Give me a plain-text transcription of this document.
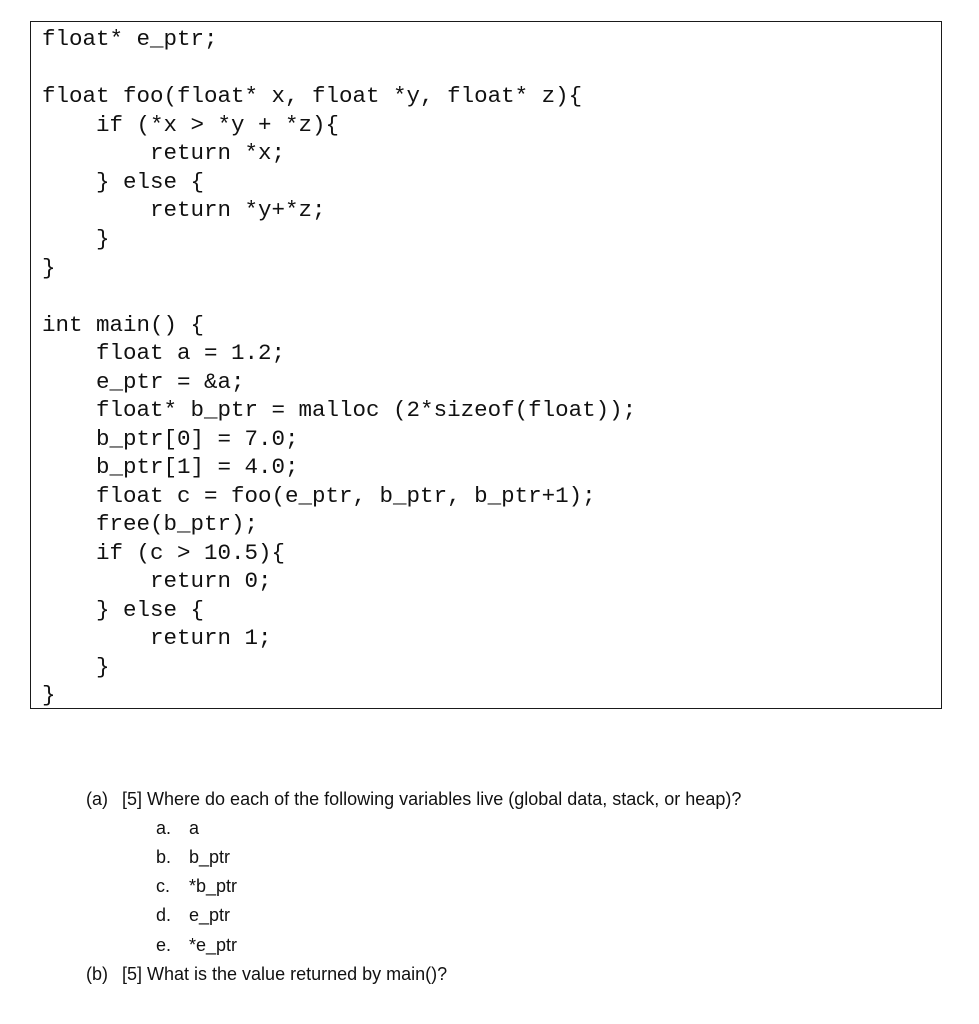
float* e_ptr;
float foo(float* x, float *y, float* z){
if (*x > *y + *z){
return *x;
} else {
return *y+*z;
}
}
int main() {
float a = 1.2;
e_ptr = &a;
float* b_ptr = malloc (2*sizeof(float));
b_ptr[0] = 7.0;
b_ptr[1] = 4.0;
float c = foo(e_ptr, b_ptr, b_ptr+1);
free(b_ptr);
if (c > 10.5){
return 0;
} else {
return 1;
}
}
(a) [5] Where do each of the following variables live (global data, stack, or heap)?
a. a
b. b_ptr
c. *b_ptr
d. e_ptr
e. *e_ptr
(b) [5] What is the value returned by main()?
